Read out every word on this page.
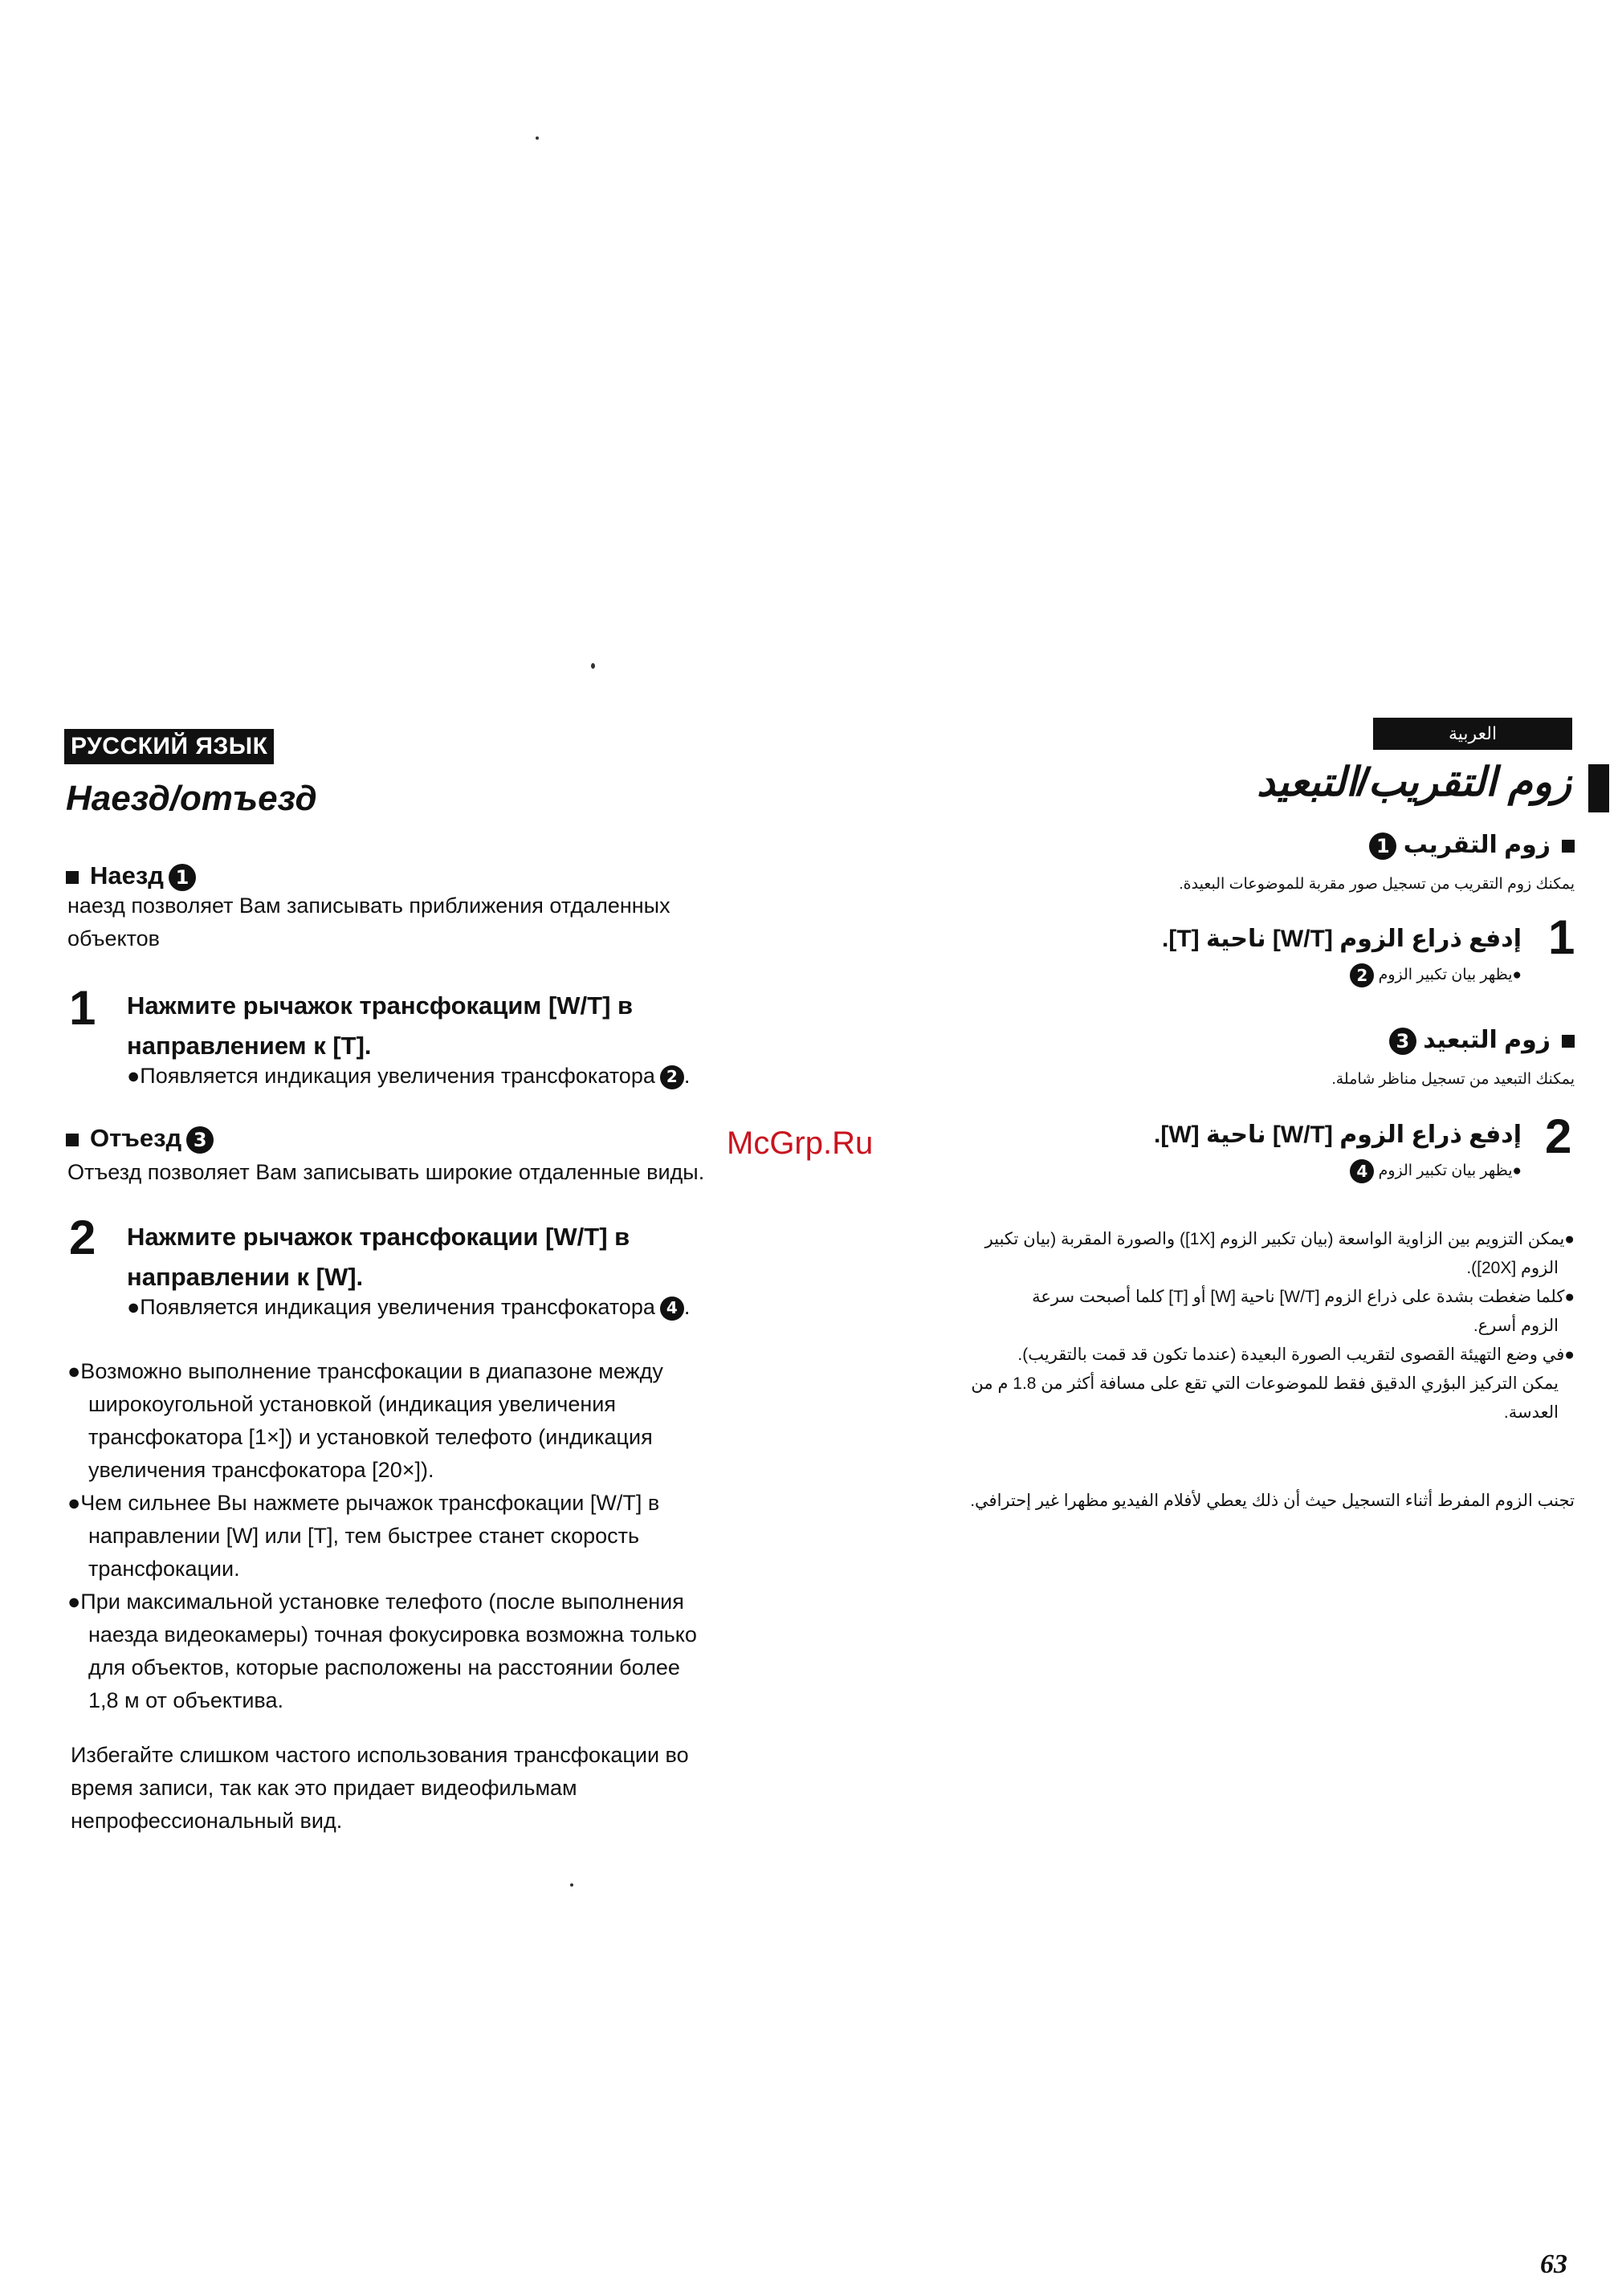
РУССКИЙ ЯЗЫК
Наезд/отъезд
Наезд 1
наезд позволяет Вам записывать приближения отдаленных
объектов
1 Нажмите рычажок трансфокацим [W/T] в
направлением к [T].
●Появляется индикация увеличения трансфокатора 2 .
Отъезд 3
Отъезд позволяет Вам записывать широкие отдаленные виды.
2 Нажмите рычажок трансфокации [W/T] в
направлении к [W].
●Появляется индикация увеличения трансфокатора 4 .
●Возможно выполнение трансфокации в диапазоне между
широкоугольной установкой (индикация увеличения
трансфокатора [1×]) и установкой телефото (индикация
увеличения трансфокатора [20×]).
●Чем сильнее Вы нажмете рычажок трансфокации [W/T] в
направлении [W] или [T], тем быстрее станет скорость
трансфокации.
●При максимальной установке телефото (после выполнения
наезда видеокамеры) точная фокусировка возможна только
для объектов, которые расположены на расстоянии более
1,8 м от объектива.
Избегайте слишком частого использования трансфокации во
время записи, так как это придает видеофильмам
непрофессиональный вид.
العربية
زوم التقريب/التبعيد
زوم التقريب 1
يمكنك زوم التقريب من تسجيل صور مقربة للموضوعات البعيدة.
1
إدفع ذراع الزوم [W/T] ناحية [T].
●يظهر بيان تكبير الزوم 2
زوم التبعيد 3
يمكنك التبعيد من تسجيل مناظر شاملة.
2
إدفع ذراع الزوم [W/T] ناحية [W].
●يظهر بيان تكبير الزوم 4
●يمكن التزويم بين الزاوية الواسعة (بيان تكبير الزوم [1X]) والصورة المقربة (بيان تكبير
الزوم [20X]).
●كلما ضغطت بشدة على ذراع الزوم [W/T] ناحية [W] أو [T] كلما أصبحت سرعة
الزوم أسرع.
●في وضع التهيئة القصوى لتقريب الصورة البعيدة (عندما تكون قد قمت بالتقريب).
يمكن التركيز البؤري الدقيق فقط للموضوعات التي تقع على مسافة أكثر من 1.8 م من
العدسة.
تجنب الزوم المفرط أثناء التسجيل حيث أن ذلك يعطي لأفلام الفيديو مظهرا غير إحترافي.
McGrp.Ru
63
